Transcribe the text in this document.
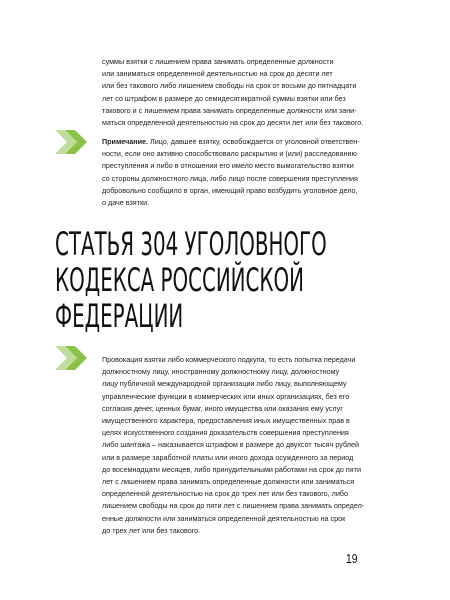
суммы взятки с лишением права занимать определенные должности
или заниматься определенной деятельностью на срок до десяти лет
или без такового либо лишением свободы на срок от восьми до пятнадцати
лет со штрафом в размере до семидесятикратной суммы взятки или без
такового и с лишением права занимать определенные должности или зани-
маться определенной деятельностью на срок до десяти лет или без такового.

Примечание. Лицо, давшее взятку, освобождается от уголовной ответствен-
ности, если оно активно способствовало раскрытию и (или) расследованию
преступления и либо в отношении его имело место вымогательство взятки
со стороны должностного лица, либо лицо после совершения преступления
добровольно сообщило в орган, имеющий право возбудить уголовное дело,
о даче взятки.

СТАТЬЯ 304 УГОЛОВНОГО
КОДЕКСА РОССИЙСКОЙ
ФЕДЕРАЦИИ

Провокация взятки либо коммерческого подкупа, то есть попытка передачи
должностному лицу, иностранному должностному лицу, должностному
лицу публичной международной организации либо лицу, выполняющему
управленческие функции в коммерческих или иных организациях, без его
согласия денег, ценных бумаг, иного имущества или оказания ему услуг
имущественного характера, предоставления иных имущественных прав в
целях искусственного создания доказательств совершения преступления
либо шантажа – наказывается штрафом в размере до двухсот тысяч рублей
или в размере заработной платы или иного дохода осужденного за период
до восемнадцати месяцев, либо принудительными работами на срок до пяти
лет с лишением права занимать определенные должности или заниматься
определенной деятельностью на срок до трех лет или без такового, либо
лишением свободы на срок до пяти лет с лишением права занимать определ-
енные должности или заниматься определенной деятельностью на срок
до трех лет или без такового.

19
